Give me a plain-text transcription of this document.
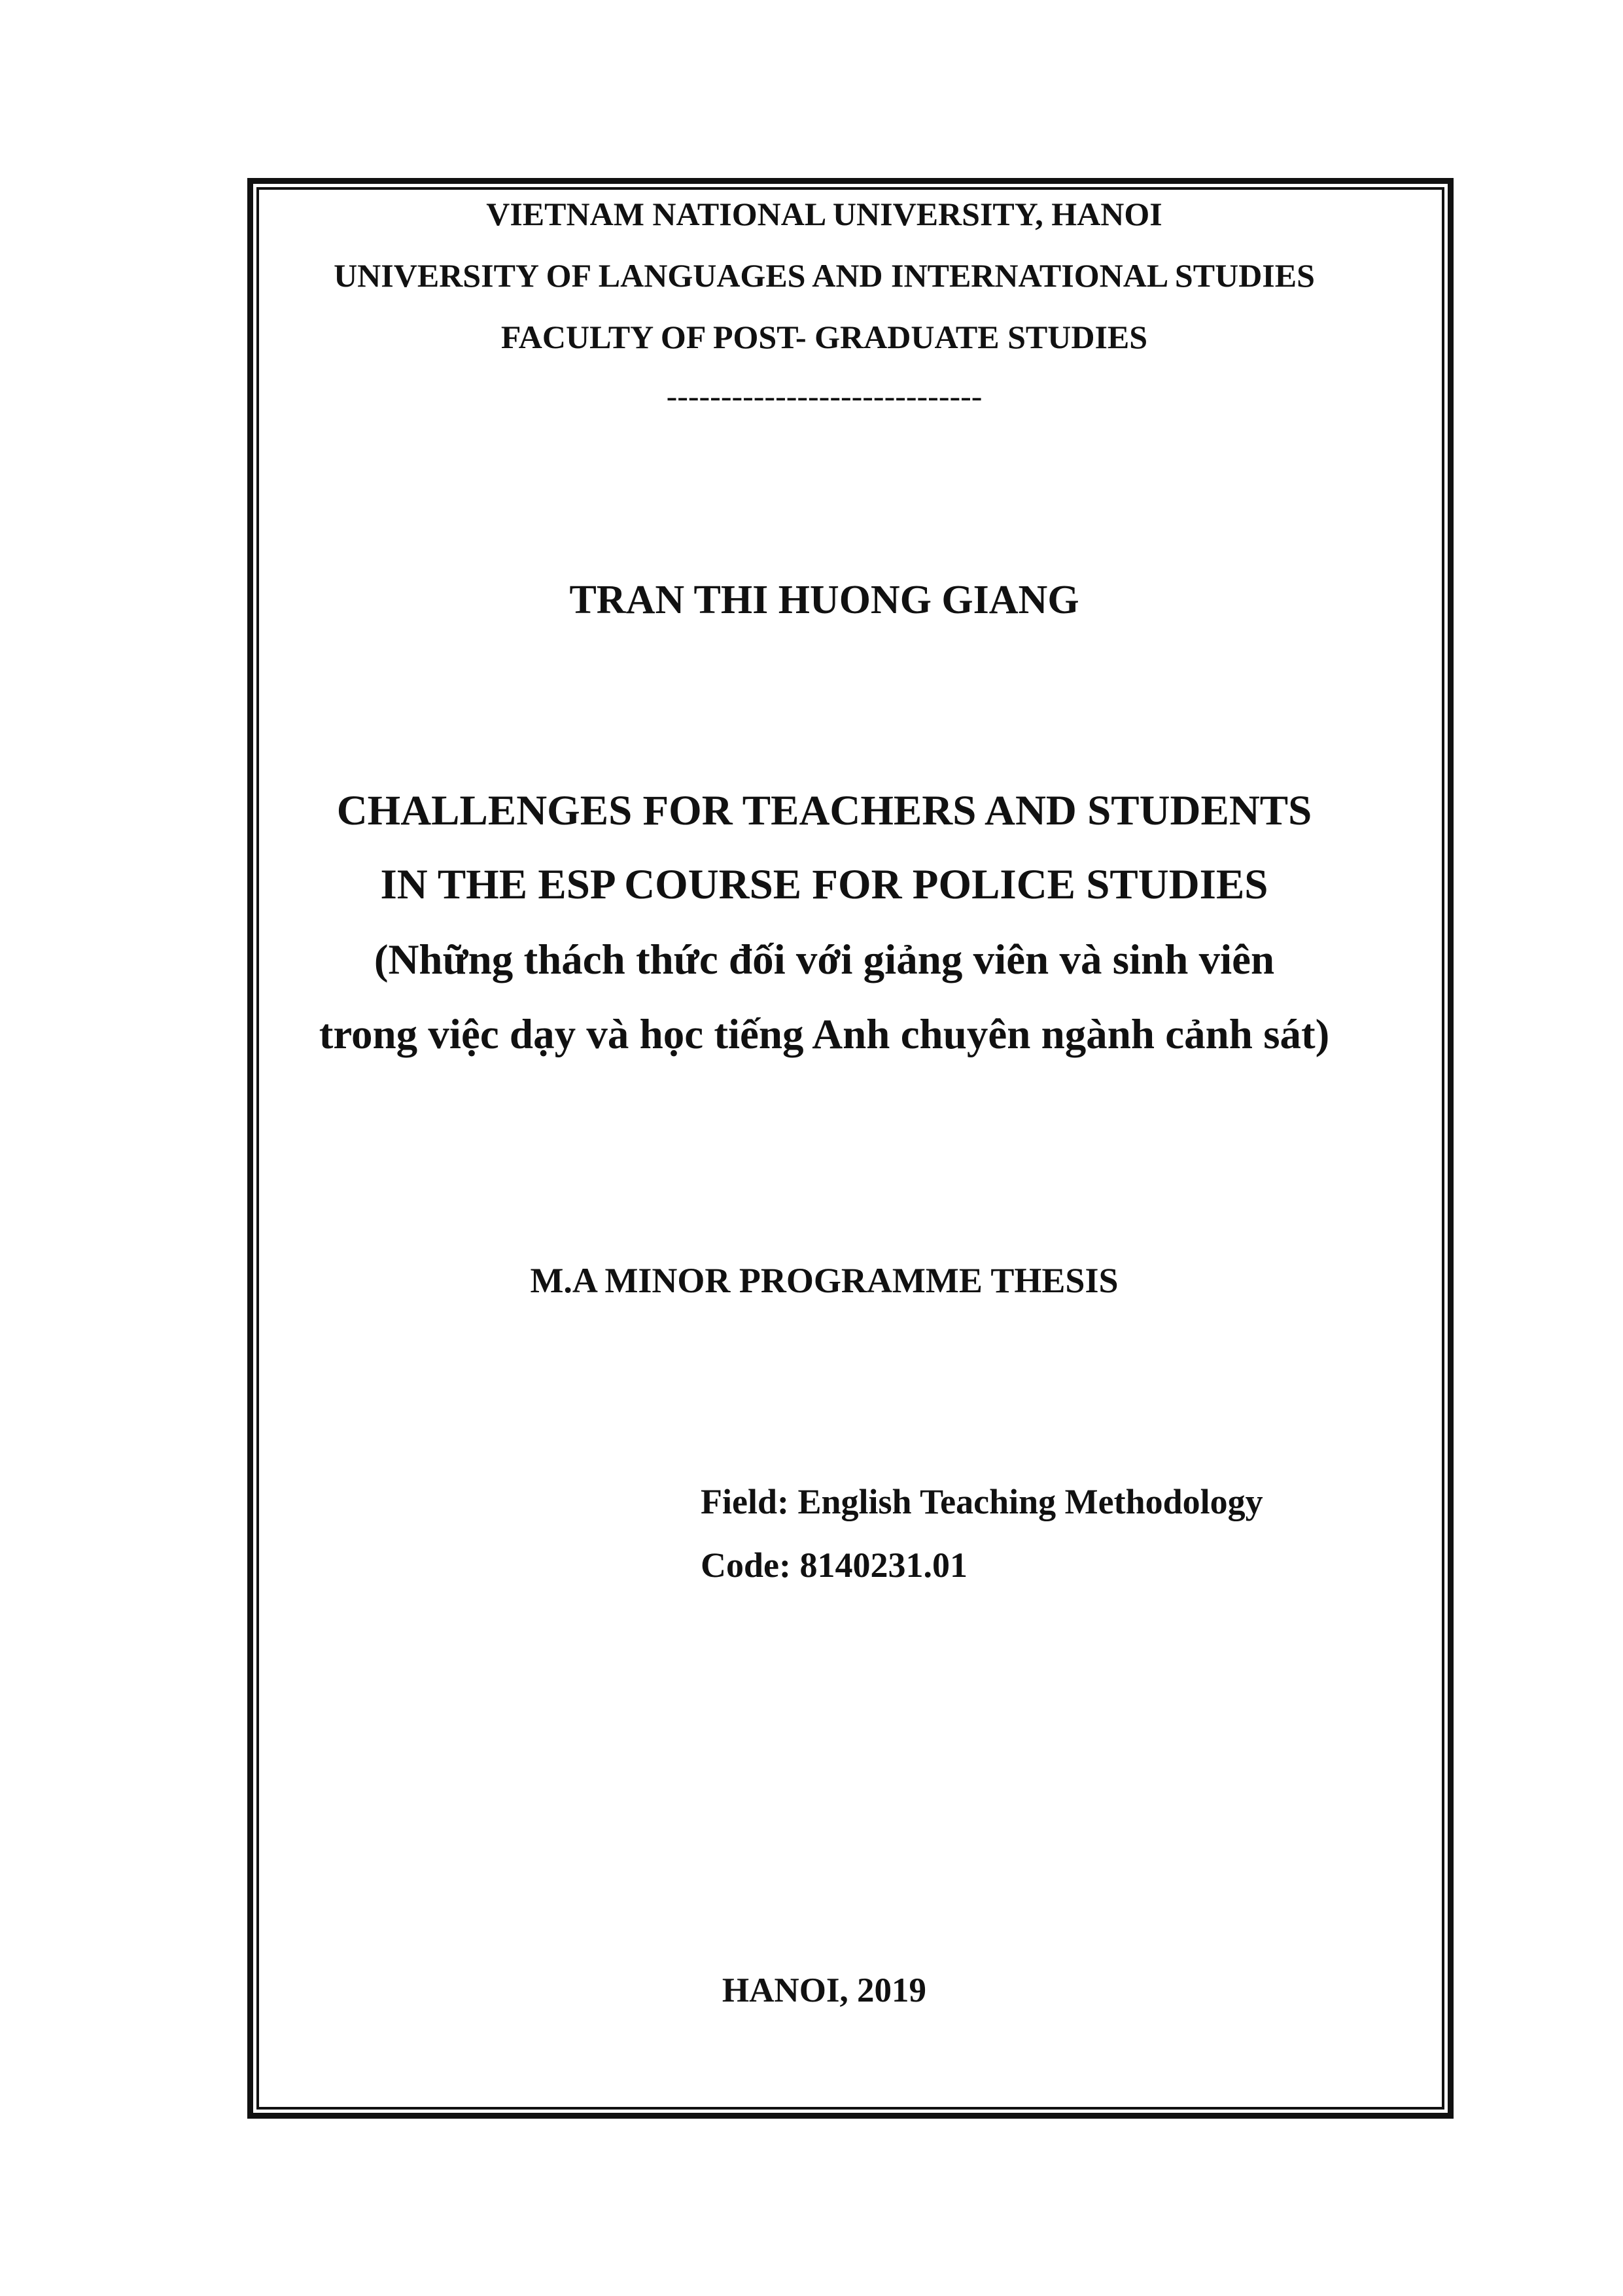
VIETNAM NATIONAL UNIVERSITY, HANOI
UNIVERSITY OF LANGUAGES AND INTERNATIONAL STUDIES
FACULTY OF POST- GRADUATE STUDIES
-----------------------------
TRAN THI HUONG GIANG
CHALLENGES FOR TEACHERS AND STUDENTS
IN THE ESP COURSE FOR POLICE STUDIES
(Những thách thức đối với giảng viên và sinh viên
trong việc dạy và học tiếng Anh chuyên ngành cảnh sát)
M.A MINOR PROGRAMME THESIS
Field: English Teaching Methodology
Code: 8140231.01
HANOI, 2019
